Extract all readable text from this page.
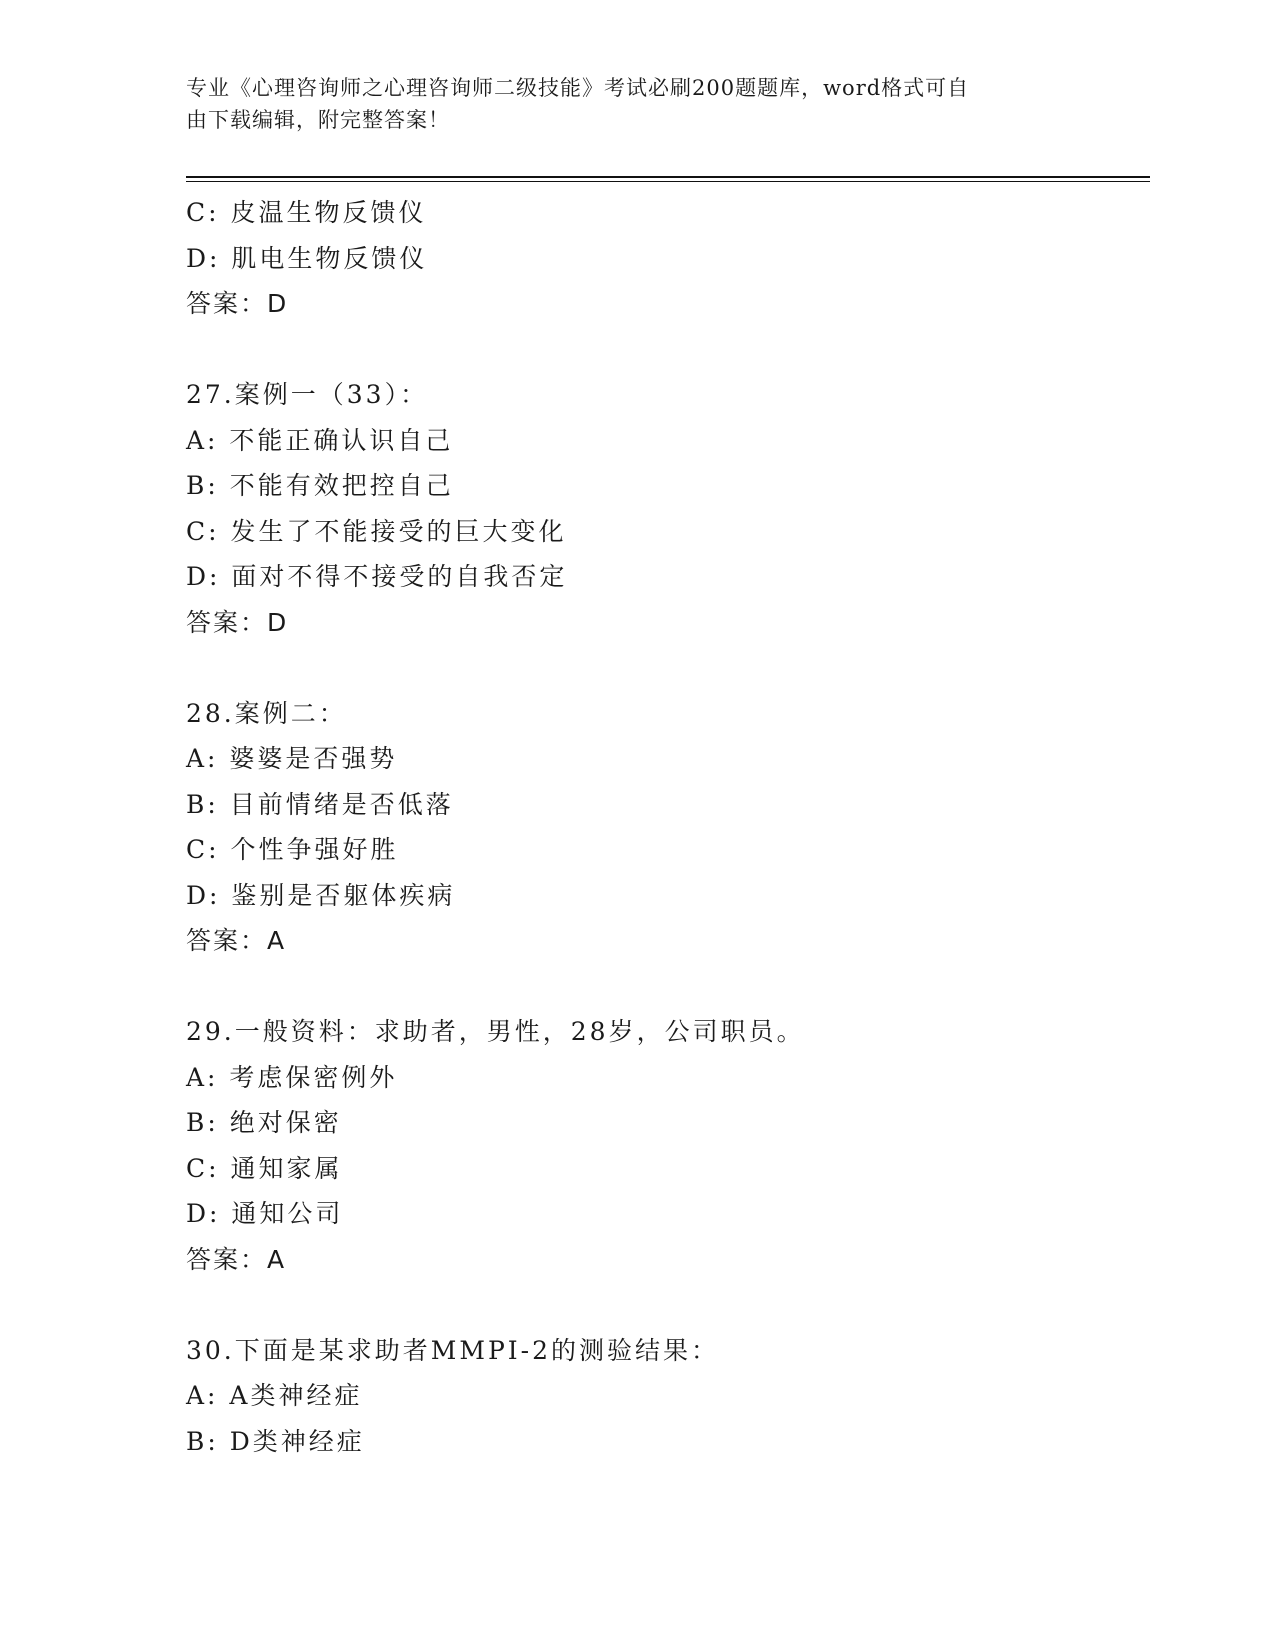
专业《心理咨询师之心理咨询师二级技能》考试必刷200题题库，word格式可自
由下载编辑，附完整答案！
C: 皮温生物反馈仪
D: 肌电生物反馈仪
答案：D
27.案例一（33）：
A: 不能正确认识自己
B: 不能有效把控自己
C: 发生了不能接受的巨大变化
D: 面对不得不接受的自我否定
答案：D
28.案例二：
A: 婆婆是否强势
B: 目前情绪是否低落
C: 个性争强好胜
D: 鉴别是否躯体疾病
答案：A
29.一般资料：求助者，男性，28岁，公司职员。
A: 考虑保密例外
B: 绝对保密
C: 通知家属
D: 通知公司
答案：A
30.下面是某求助者MMPI-2的测验结果：
A: A类神经症
B: D类神经症
